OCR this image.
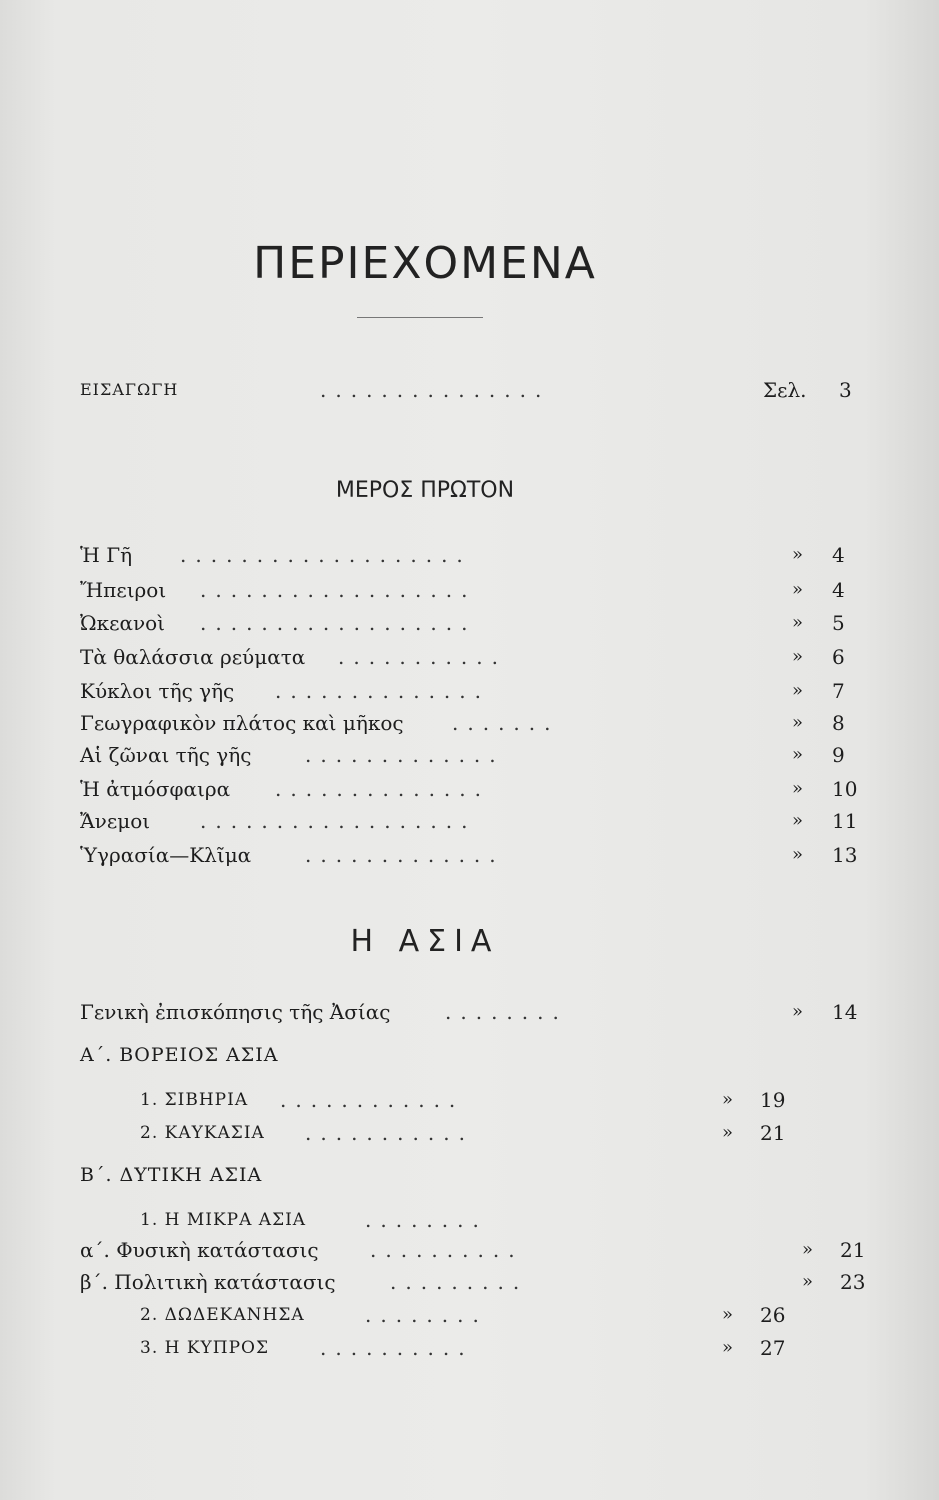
ΠΕΡΙΕΧΟΜΕΝΑ
ΕΙΣΑΓΩΓΗ	...............	Σελ. 3
ΜΕΡΟΣ ΠΡΩΤΟΝ
Ἡ Γῆ ...................	» 4
Ἤπειροι ..................	» 4
Ὠκεανοὶ ..................	» 5
Τὰ θαλάσσια ρεύματα ...........	» 6
Κύκλοι τῆς γῆς ..............	» 7
Γεωγραφικὸν πλάτος καὶ μῆκος .......	» 8
Αἱ ζῶναι τῆς γῆς	.............	» 9
Ἡ ἀτμόσφαιρα ..............	» 10
Ἄνεμοι ..................	» 11
Ὑγρασία—Κλῖμα	.............	» 13
Η ΑΣΙΑ
Γενικὴ ἐπισκόπησις τῆς Ἀσίας	........	» 14
Α΄. ΒΟΡΕΙΟΣ ΑΣΙΑ
1. ΣΙΒΗΡΙΑ ............	» 19
2. ΚΑΥΚΑΣΙΑ ...........	» 21
Β΄. ΔΥΤΙΚΗ ΑΣΙΑ
1. Η ΜΙΚΡΑ ΑΣΙΑ	........
α΄. Φυσικὴ κατάστασις	..........	» 21
β΄. Πολιτικὴ κατάστασις	.........	» 23
2. ΔΩΔΕΚΑΝΗΣΑ	........	» 26
3. Η ΚΥΠΡΟΣ	..........	» 27
